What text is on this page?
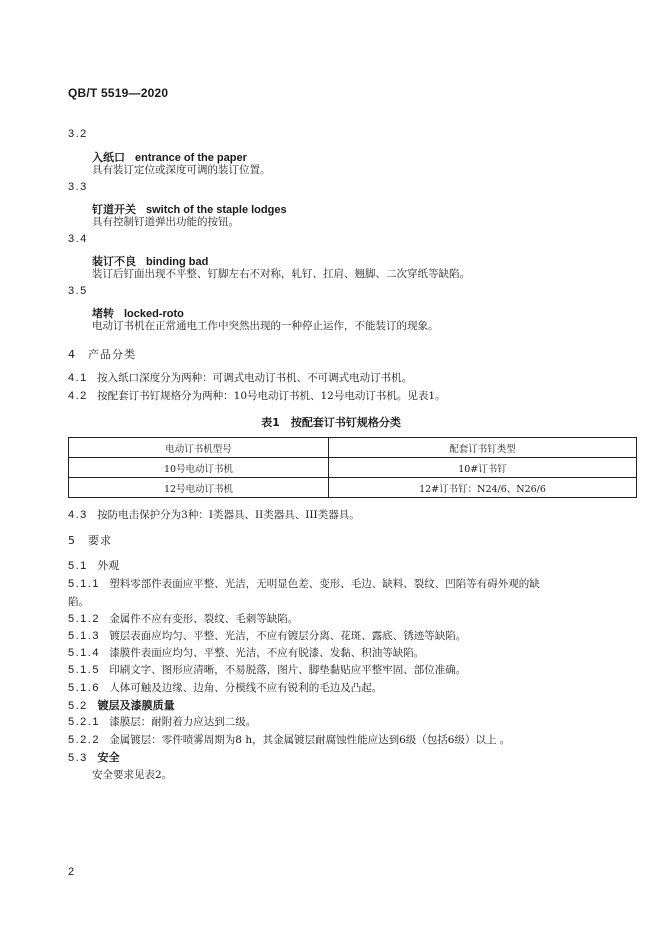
QB/T 5519—2020
3.2
入纸口 entrance of the paper
具有装订定位或深度可调的装订位置。
3.3
钉道开关 switch of the staple lodges
具有控制钉道弹出功能的按钮。
3.4
装订不良 binding bad
装订后钉面出现不平整、钉脚左右不对称，轧钉、扛肩、翘脚、二次穿纸等缺陷。
3.5
堵转 locked-roto
电动订书机在正常通电工作中突然出现的一种停止运作，不能装订的现象。
4　产品分类
4.1 按入纸口深度分为两种：可调式电动订书机、不可调式电动订书机。
4.2 按配套订书钉规格分为两种：10号电动订书机、12号电动订书机。见表1。
表1　按配套订书钉规格分类
电动订书机型号	配套订书钉类型
10号电动订书机	10#订书钉
12号电动订书机	12#订书钉：N24/6、N26/6
4.3 按防电击保护分为3种：I类器具、II类器具、III类器具。
5　要求
5.1 外观
5.1.1 塑料零部件表面应平整、光洁，无明显色差、变形、毛边、缺料、裂纹、凹陷等有碍外观的缺
陷。
5.1.2 金属件不应有变形、裂纹、毛刺等缺陷。
5.1.3 镀层表面应均匀、平整、光洁，不应有镀层分离、花斑、露底、锈迹等缺陷。
5.1.4 漆膜件表面应均匀、平整、光洁，不应有脱漆、发黏、积油等缺陷。
5.1.5 印刷文字、图形应清晰，不易脱落，图片、脚垫黏贴应平整牢固、部位准确。
5.1.6 人体可触及边缘、边角、分模线不应有锐利的毛边及凸起。
5.2 镀层及漆膜质量
5.2.1 漆膜层：耐附着力应达到二级。
5.2.2 金属镀层：零件喷雾周期为8 h，其金属镀层耐腐蚀性能应达到6级（包括6级）以上 。
5.3 安全
安全要求见表2。
2
